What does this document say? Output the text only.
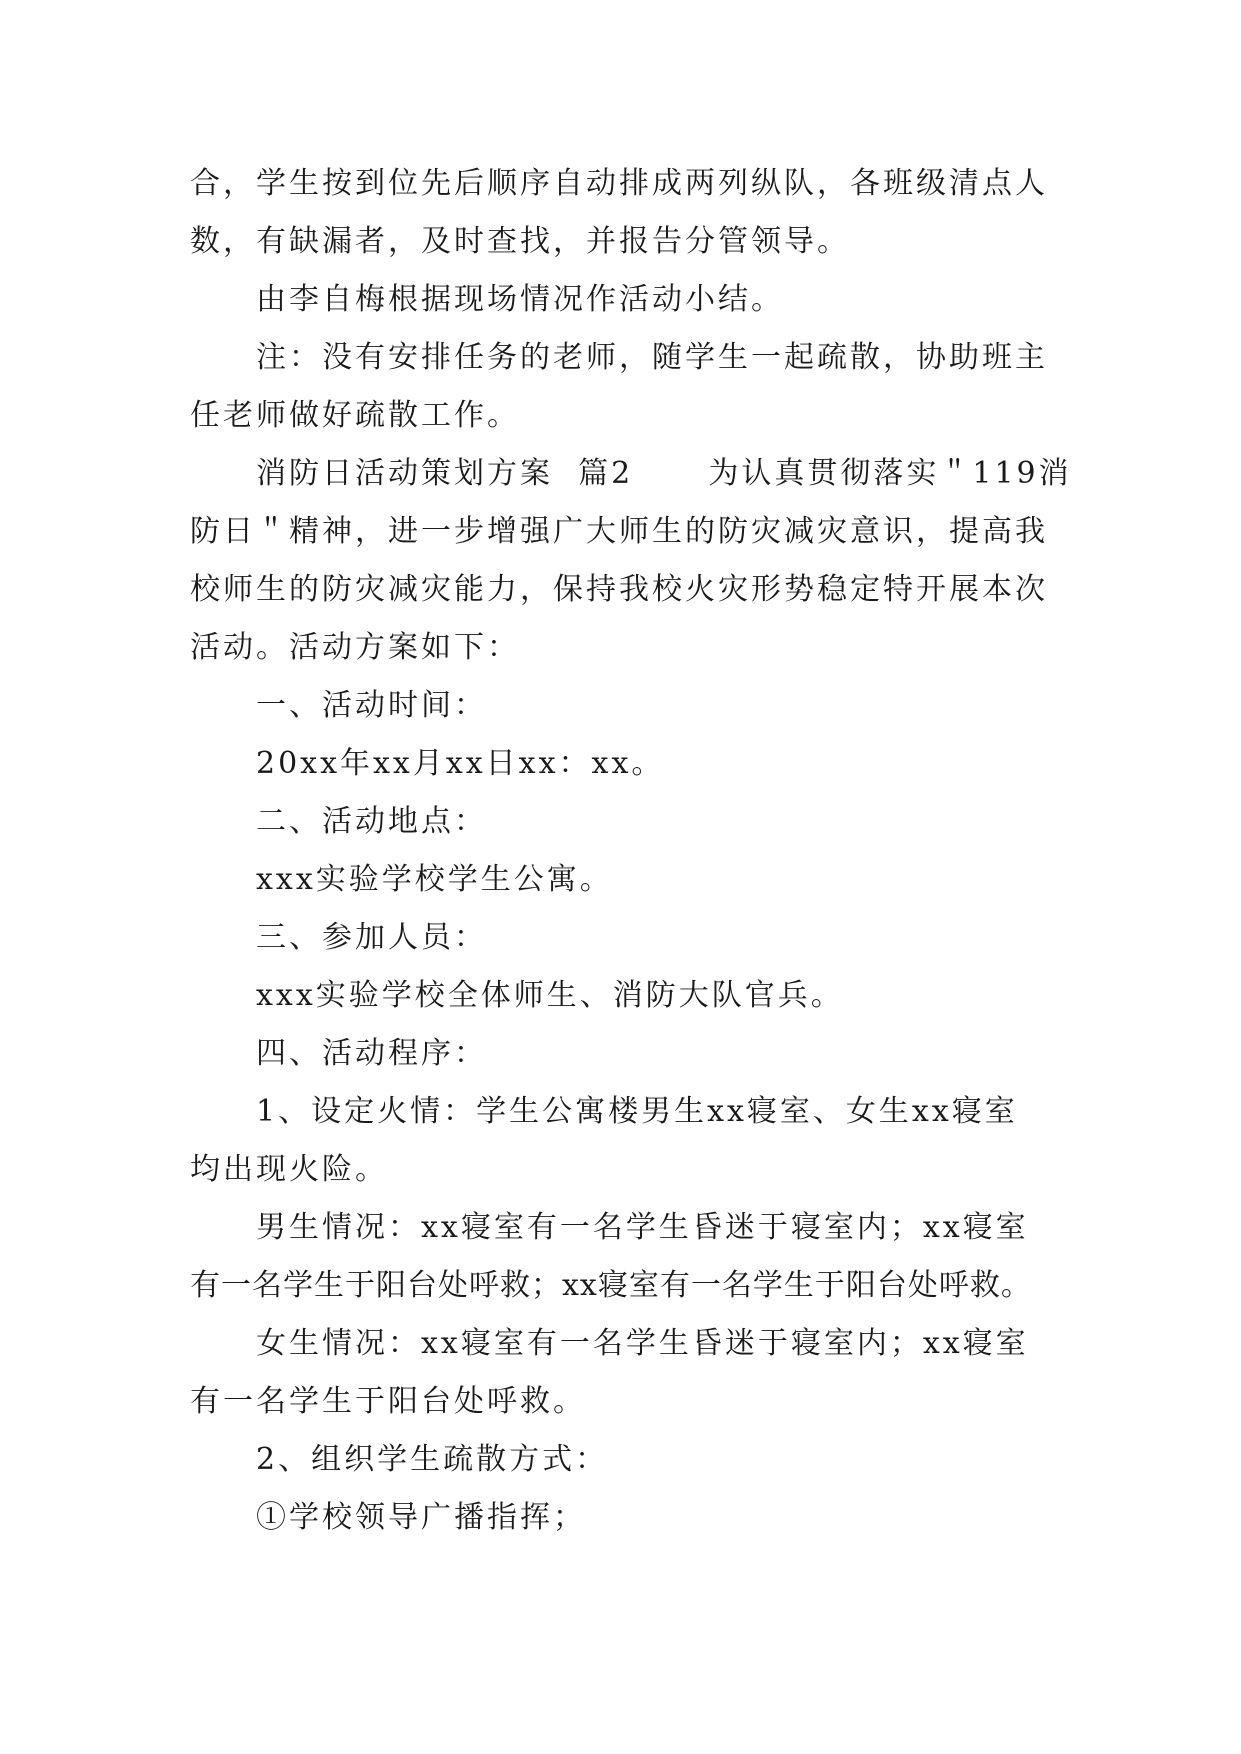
合，学生按到位先后顺序自动排成两列纵队，各班级清点人
数，有缺漏者，及时查找，并报告分管领导。
由李自梅根据现场情况作活动小结。
注：没有安排任务的老师，随学生一起疏散，协助班主
任老师做好疏散工作。
消防日活动策划方案  篇2      为认真贯彻落实＂119消
防日＂精神，进一步增强广大师生的防灾减灾意识，提高我
校师生的防灾减灾能力，保持我校火灾形势稳定特开展本次
活动。活动方案如下：
一、活动时间：
20xx年xx月xx日xx：xx。
二、活动地点：
xxx实验学校学生公寓。
三、参加人员：
xxx实验学校全体师生、消防大队官兵。
四、活动程序：
1、设定火情：学生公寓楼男生xx寝室、女生xx寝室
均出现火险。
男生情况：xx寝室有一名学生昏迷于寝室内；xx寝室
有一名学生于阳台处呼救；xx寝室有一名学生于阳台处呼救。
女生情况：xx寝室有一名学生昏迷于寝室内；xx寝室
有一名学生于阳台处呼救。
2、组织学生疏散方式：
①学校领导广播指挥；
